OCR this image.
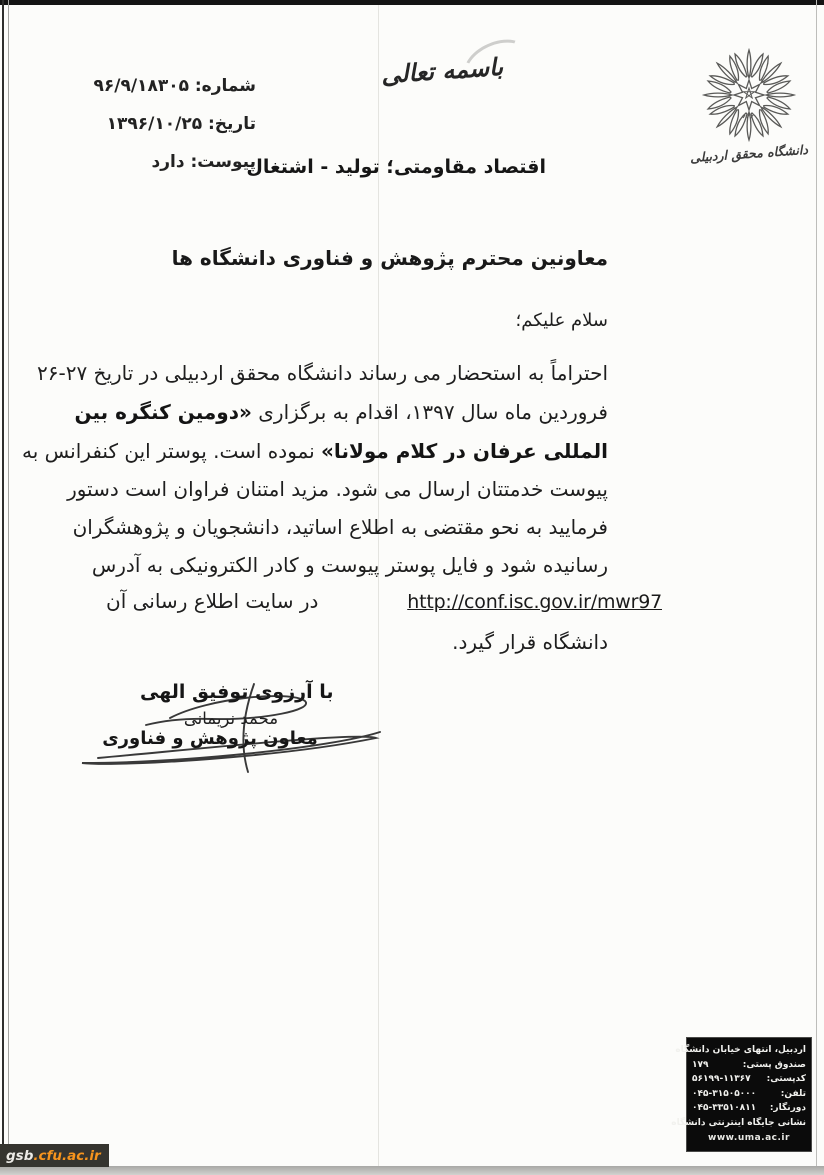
شماره: ۹۶/۹/۱۸۳۰۵
تاریخ: ۱۳۹۶/۱۰/۲۵
پیوست: دارد
باسمه تعالی
اقتصاد مقاومتی؛ تولید - اشتغال
دانشگاه محقق اردبیلی
معاونین محترم پژوهش و فناوری دانشگاه ها
سلام علیکم؛
احتراماً به استحضار می رساند دانشگاه محقق اردبیلی در تاریخ ۲۷-۲۶
فروردین ماه سال ۱۳۹۷، اقدام به برگزاری «دومین کنگره بین
المللی عرفان در کلام مولانا» نموده است. پوستر این کنفرانس به
پیوست خدمتتان ارسال می شود. مزید امتنان فراوان است دستور
فرمایید به نحو مقتضی به اطلاع اساتید، دانشجویان و پژوهشگران
رسانیده شود و فایل پوستر پیوست و کادر الکترونیکی به آدرس
در سایت اطلاع رسانی آن	http://conf.isc.gov.ir/mwr97
دانشگاه قرار گیرد.
با آرزوی توفیق الهی
محمد نریمانی
معاون پژوهش و فناوری
اردبیل، انتهای خیابان دانشگاه
صندوق پستی:
۱۷۹
کدپستی:
۵۶۱۹۹-۱۱۳۶۷
تلفن:
۰۴۵-۳۱۵۰۵۰۰۰
دورنگار:
۰۴۵-۳۳۵۱۰۸۱۱
نشانی جایگاه اینترنتی دانشگاه
www.uma.ac.ir
gsb .cfu.ac.ir
